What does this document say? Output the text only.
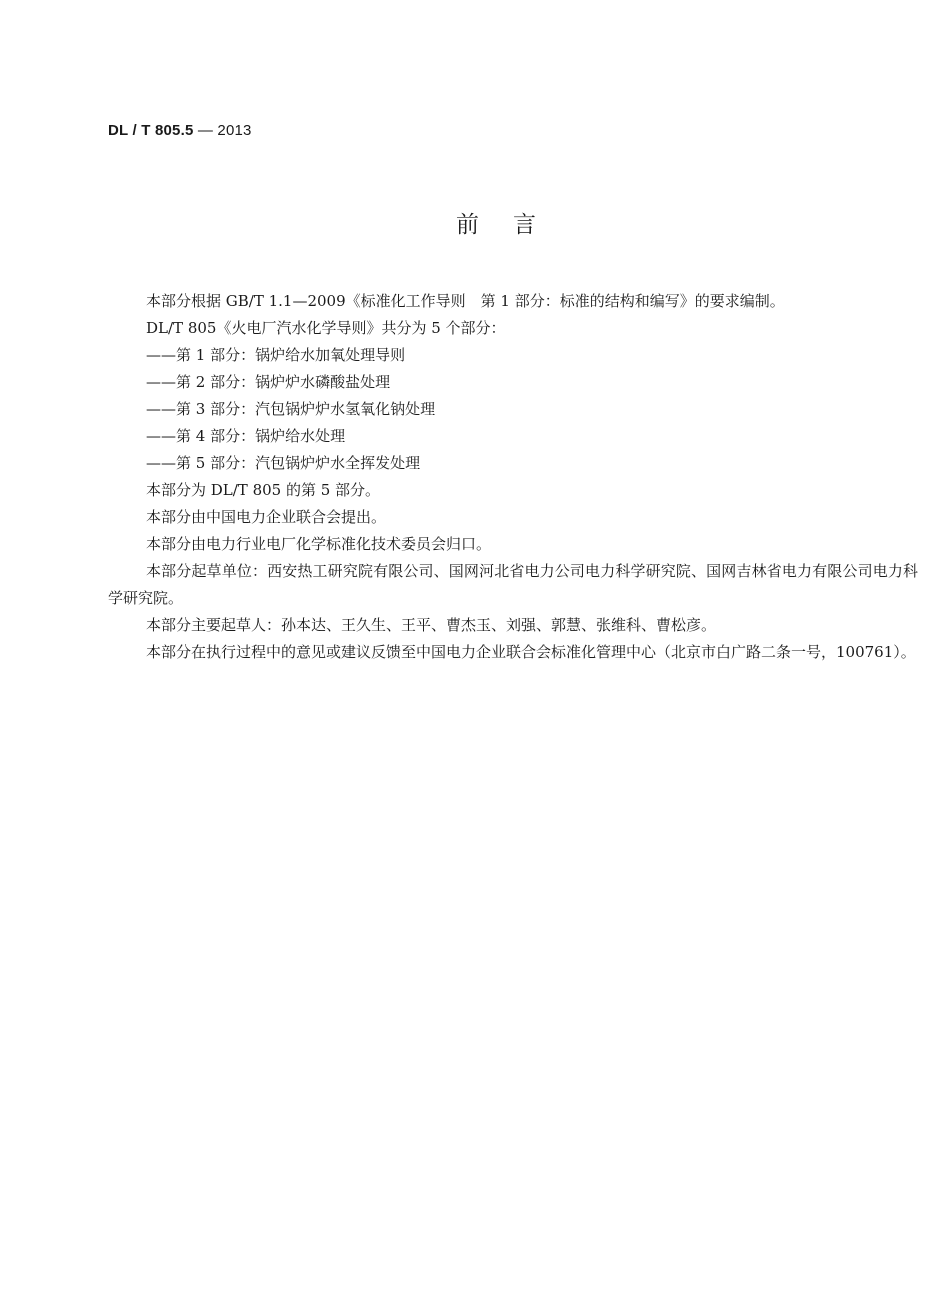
DL / T 805.5 — 2013
前言

本部分根据 GB/T 1.1—2009《标准化工作导则　第 1 部分：标准的结构和编写》的要求编制。

DL/T 805《火电厂汽水化学导则》共分为 5 个部分：

——第 1 部分：锅炉给水加氧处理导则

——第 2 部分：锅炉炉水磷酸盐处理

——第 3 部分：汽包锅炉炉水氢氧化钠处理

——第 4 部分：锅炉给水处理

——第 5 部分：汽包锅炉炉水全挥发处理

本部分为 DL/T 805 的第 5 部分。

本部分由中国电力企业联合会提出。

本部分由电力行业电厂化学标准化技术委员会归口。

本部分起草单位：西安热工研究院有限公司、国网河北省电力公司电力科学研究院、国网吉林省电力有限公司电力科学研究院。

本部分主要起草人：孙本达、王久生、王平、曹杰玉、刘强、郭慧、张维科、曹松彦。

本部分在执行过程中的意见或建议反馈至中国电力企业联合会标准化管理中心（北京市白广路二条一号，100761）。
